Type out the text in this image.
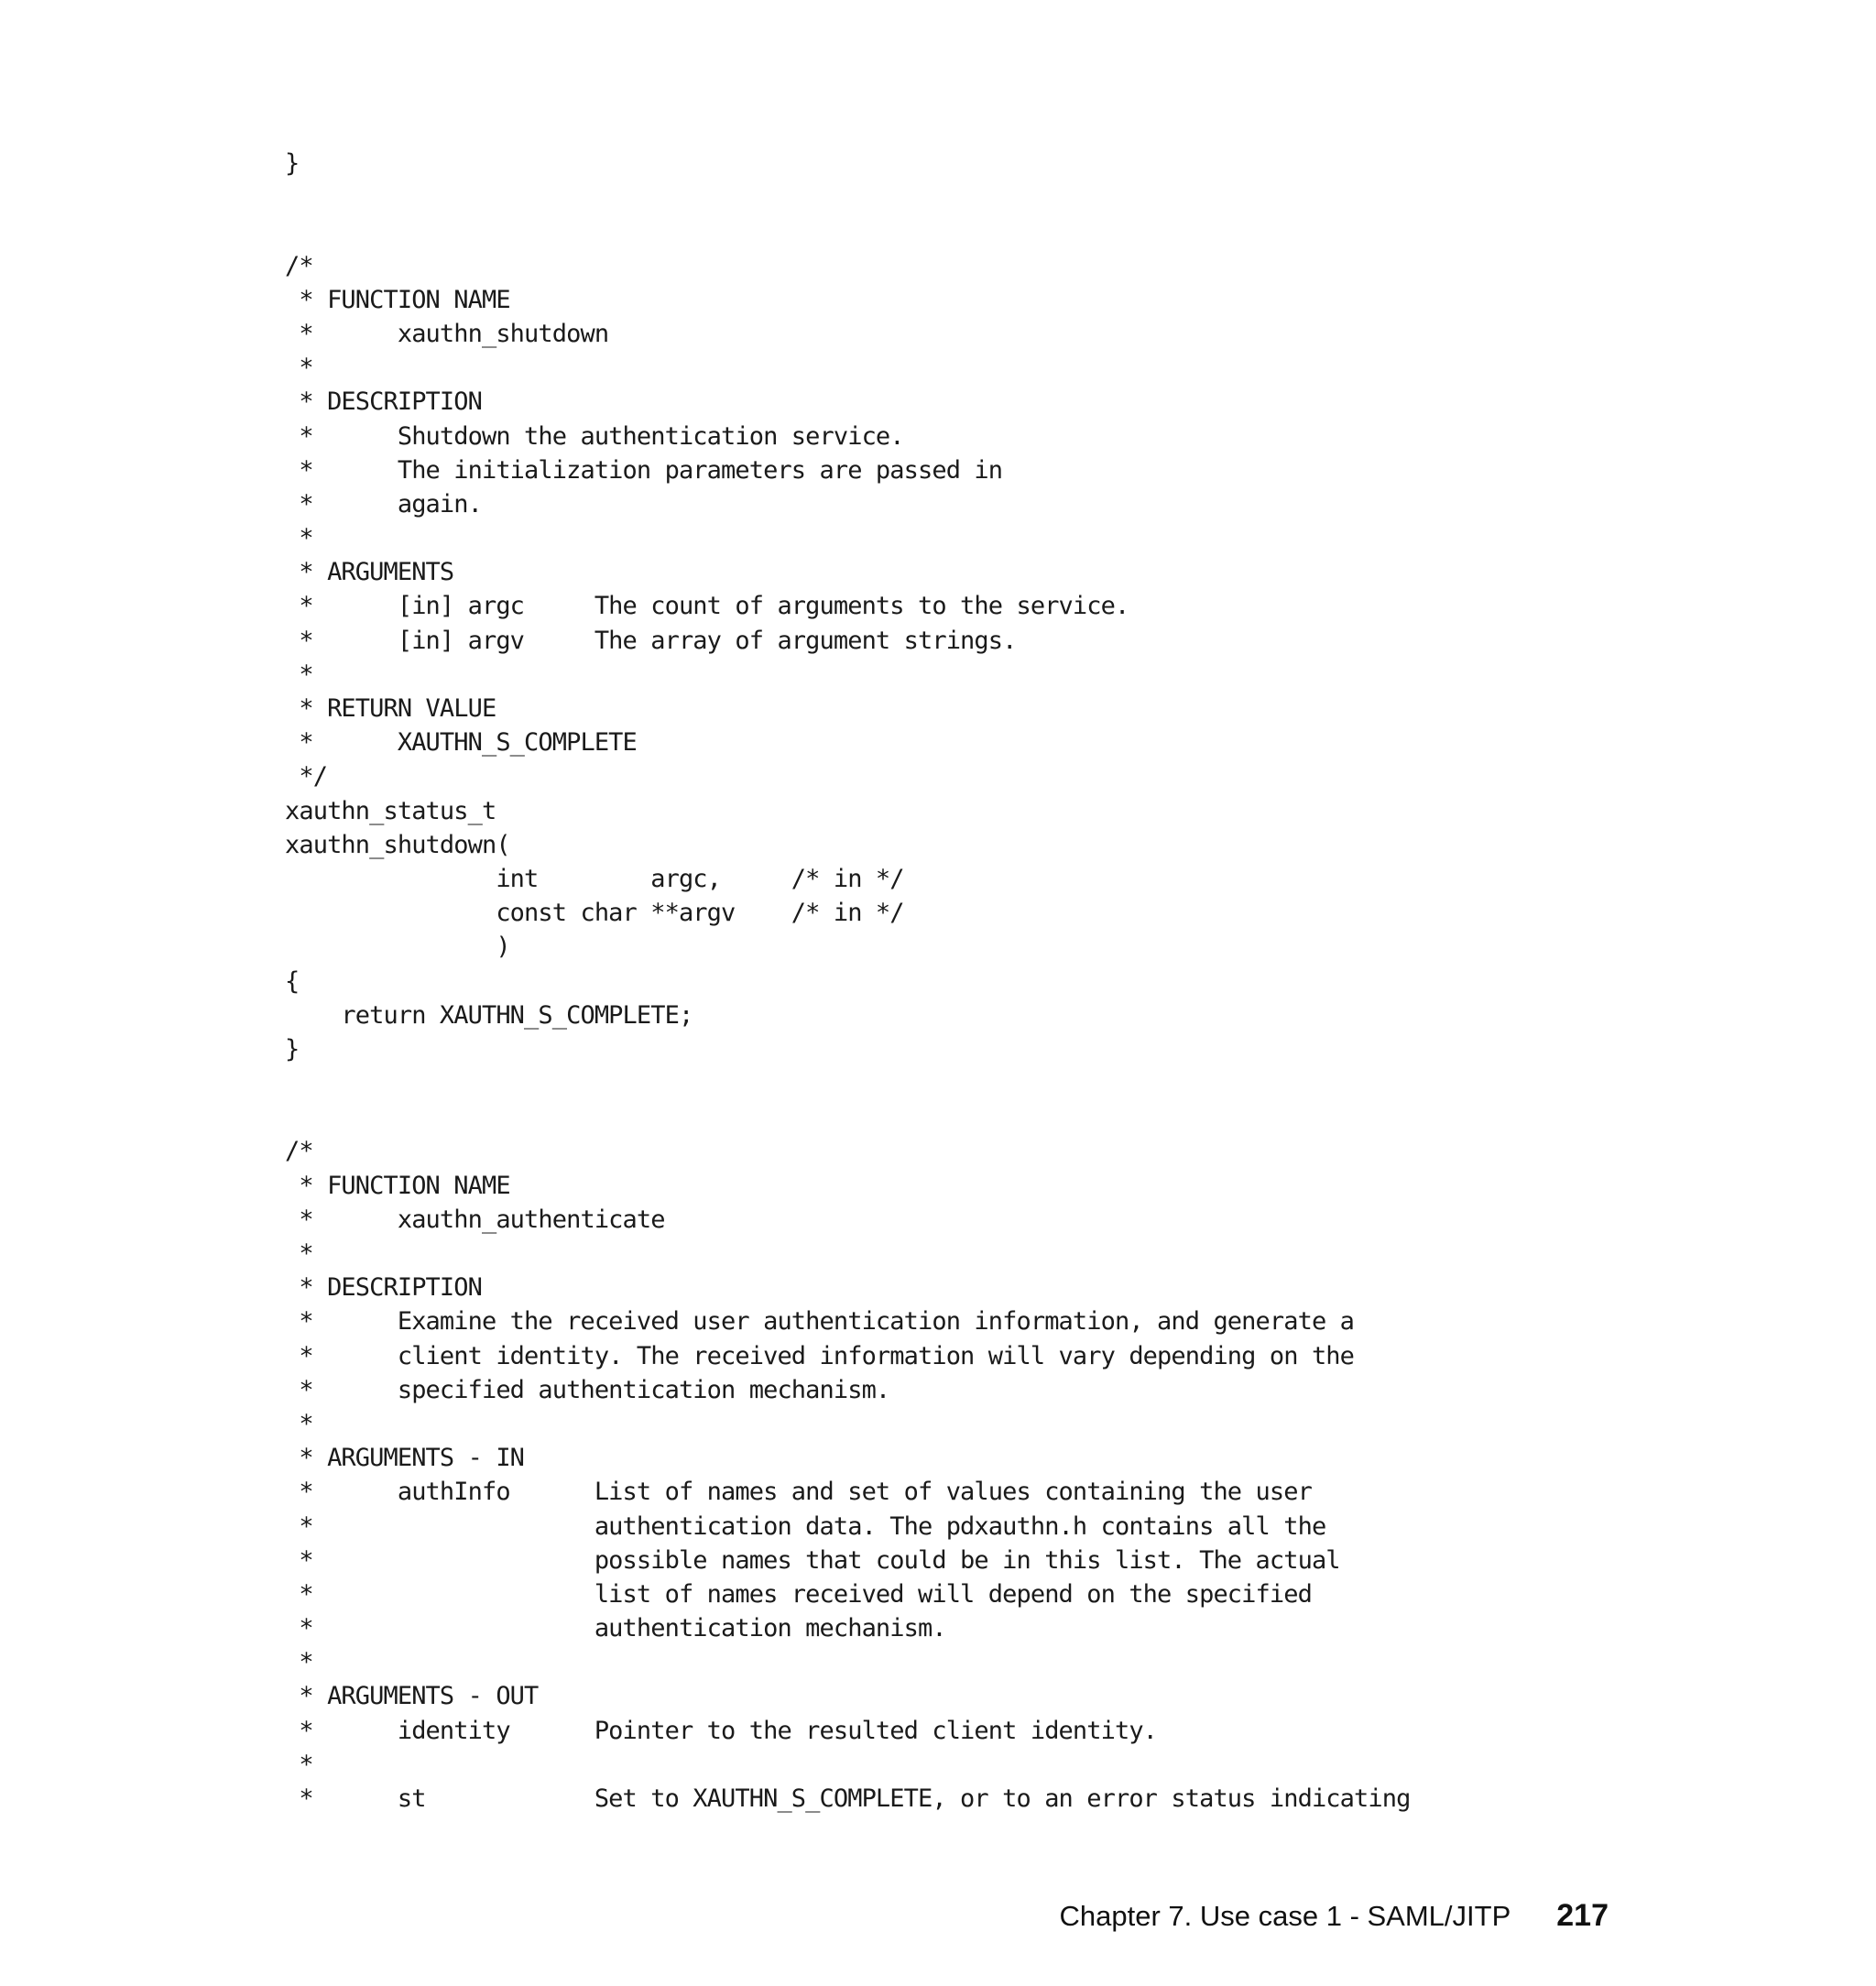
}
/*
* FUNCTION NAME
*      xauthn_shutdown
*
* DESCRIPTION
*      Shutdown the authentication service.
*      The initialization parameters are passed in
*      again.
*
* ARGUMENTS
*      [in] argc     The count of arguments to the service.
*      [in] argv     The array of argument strings.
*
* RETURN VALUE
*      XAUTHN_S_COMPLETE
*/
xauthn_status_t
xauthn_shutdown(
int        argc,     /* in */
const char **argv    /* in */
)
{
return XAUTHN_S_COMPLETE;
}
/*
* FUNCTION NAME
*      xauthn_authenticate
*
* DESCRIPTION
*      Examine the received user authentication information, and generate a
*      client identity. The received information will vary depending on the
*      specified authentication mechanism.
*
* ARGUMENTS - IN
*      authInfo      List of names and set of values containing the user
*                    authentication data. The pdxauthn.h contains all the
*                    possible names that could be in this list. The actual
*                    list of names received will depend on the specified
*                    authentication mechanism.
*
* ARGUMENTS - OUT
*      identity      Pointer to the resulted client identity.
*
*      st            Set to XAUTHN_S_COMPLETE, or to an error status indicating
Chapter 7. Use case 1 - SAML/JITP 217
